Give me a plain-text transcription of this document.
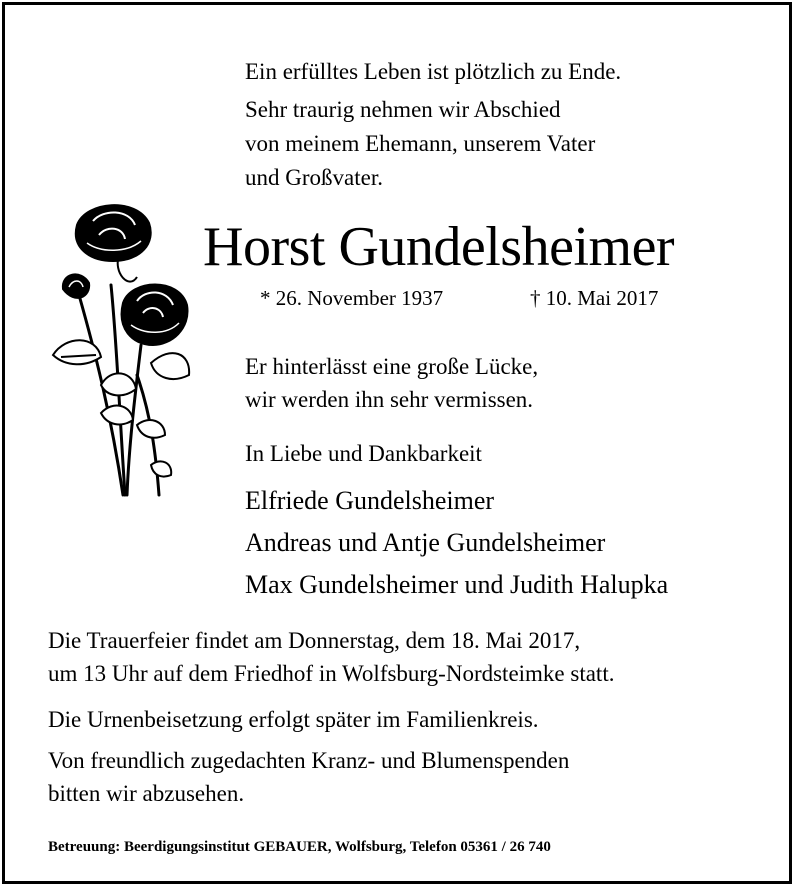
Ein erfülltes Leben ist plötzlich zu Ende.

Sehr traurig nehmen wir Abschied

von meinem Ehemann, unserem Vater

und Großvater.

Horst Gundelsheimer

* 26. November 1937	† 10. Mai 2017

Er hinterlässt eine große Lücke,

wir werden ihn sehr vermissen.

In Liebe und Dankbarkeit

Elfriede Gundelsheimer

Andreas und Antje Gundelsheimer

Max Gundelsheimer und Judith Halupka

Die Trauerfeier findet am Donnerstag, dem 18. Mai 2017,

um 13 Uhr auf dem Friedhof in Wolfsburg-Nordsteimke statt.

Die Urnenbeisetzung erfolgt später im Familienkreis.

Von freundlich zugedachten Kranz- und Blumenspenden

bitten wir abzusehen.

Betreuung: Beerdigungsinstitut GEBAUER, Wolfsburg, Telefon 05361 / 26 740
